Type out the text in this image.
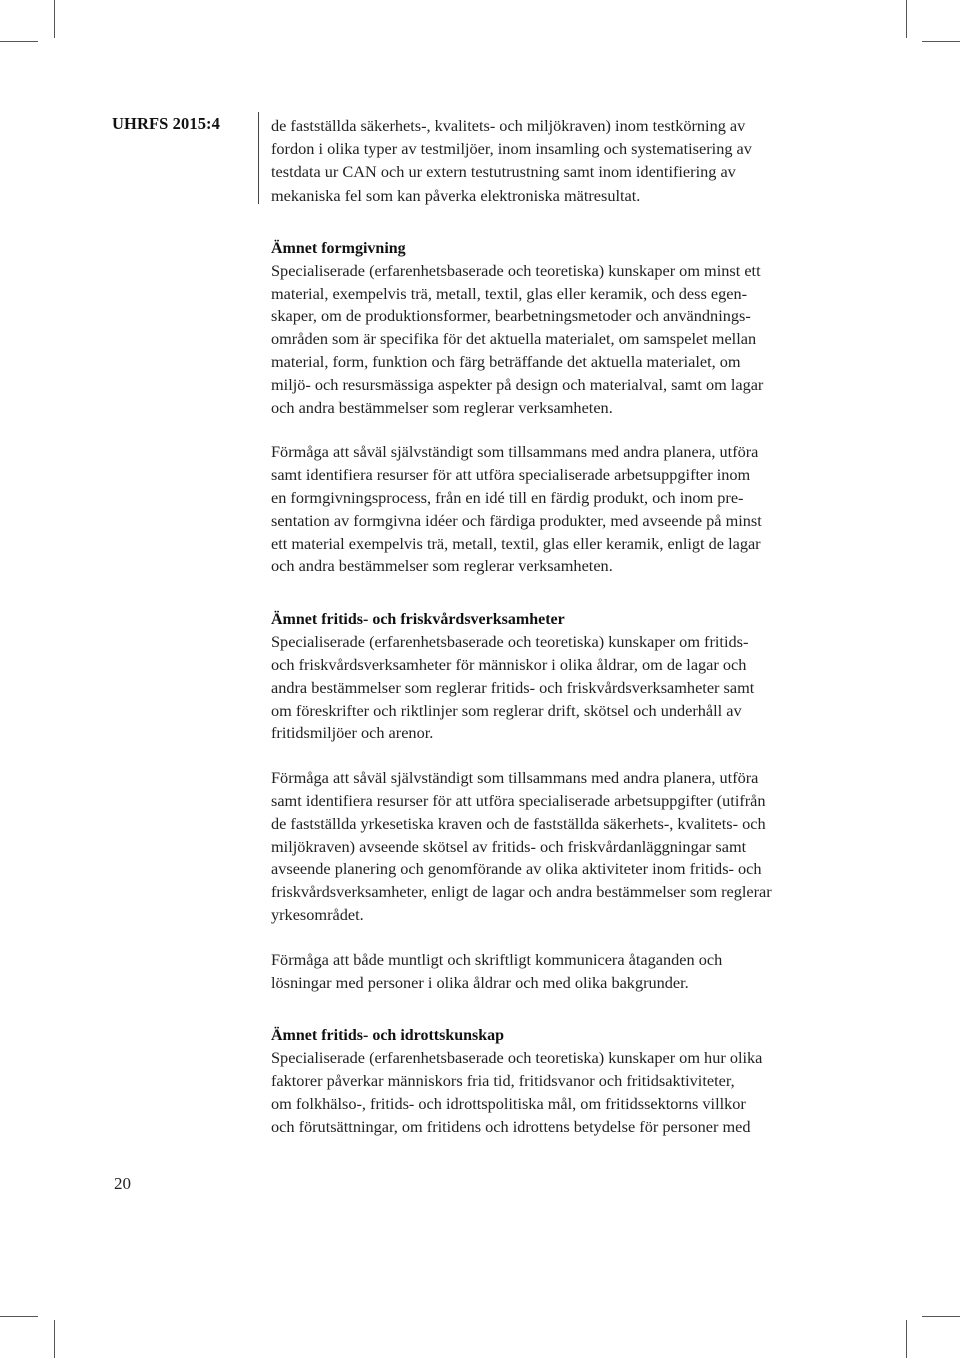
UHRFS 2015:4	de fastställda säkerhets-, kvalitets- och miljökraven) inom testkörning av
fordon i olika typer av testmiljöer, inom insamling och systematisering av
testdata ur CAN och ur extern testutrustning samt inom identifiering av
mekaniska fel som kan påverka elektroniska mätresultat.

Ämnet formgivning

Specialiserade (erfarenhetsbaserade och teoretiska) kunskaper om minst ett
material, exempelvis trä, metall, textil, glas eller keramik, och dess egen-
skaper, om de produktionsformer, bearbetningsmetoder och användnings-
områden som är specifika för det aktuella materialet, om samspelet mellan
material, form, funktion och färg beträffande det aktuella materialet, om
miljö- och resursmässiga aspekter på design och materialval, samt om lagar
och andra bestämmelser som reglerar verksamheten.

Förmåga att såväl självständigt som tillsammans med andra planera, utföra
samt identifiera resurser för att utföra specialiserade arbetsuppgifter inom
en formgivningsprocess, från en idé till en färdig produkt, och inom pre-
sentation av formgivna idéer och färdiga produkter, med avseende på minst
ett material exempelvis trä, metall, textil, glas eller keramik, enligt de lagar
och andra bestämmelser som reglerar verksamheten.

Ämnet fritids- och friskvårdsverksamheter

Specialiserade (erfarenhetsbaserade och teoretiska) kunskaper om fritids-
och friskvårdsverksamheter för människor i olika åldrar, om de lagar och
andra bestämmelser som reglerar fritids- och friskvårdsverksamheter samt
om föreskrifter och riktlinjer som reglerar drift, skötsel och underhåll av
fritidsmiljöer och arenor.

Förmåga att såväl självständigt som tillsammans med andra planera, utföra
samt identifiera resurser för att utföra specialiserade arbetsuppgifter (utifrån
de fastställda yrkesetiska kraven och de fastställda säkerhets-, kvalitets- och
miljökraven) avseende skötsel av fritids- och friskvårdanläggningar samt
avseende planering och genomförande av olika aktiviteter inom fritids- och
friskvårdsverksamheter, enligt de lagar och andra bestämmelser som reglerar
yrkesområdet.

Förmåga att både muntligt och skriftligt kommunicera åtaganden och
lösningar med personer i olika åldrar och med olika bakgrunder.

Ämnet fritids- och idrottskunskap

Specialiserade (erfarenhetsbaserade och teoretiska) kunskaper om hur olika
faktorer påverkar människors fria tid, fritidsvanor och fritidsaktiviteter,
om folkhälso-, fritids- och idrottspolitiska mål, om fritidssektorns villkor
och förutsättningar, om fritidens och idrottens betydelse för personer med

20
